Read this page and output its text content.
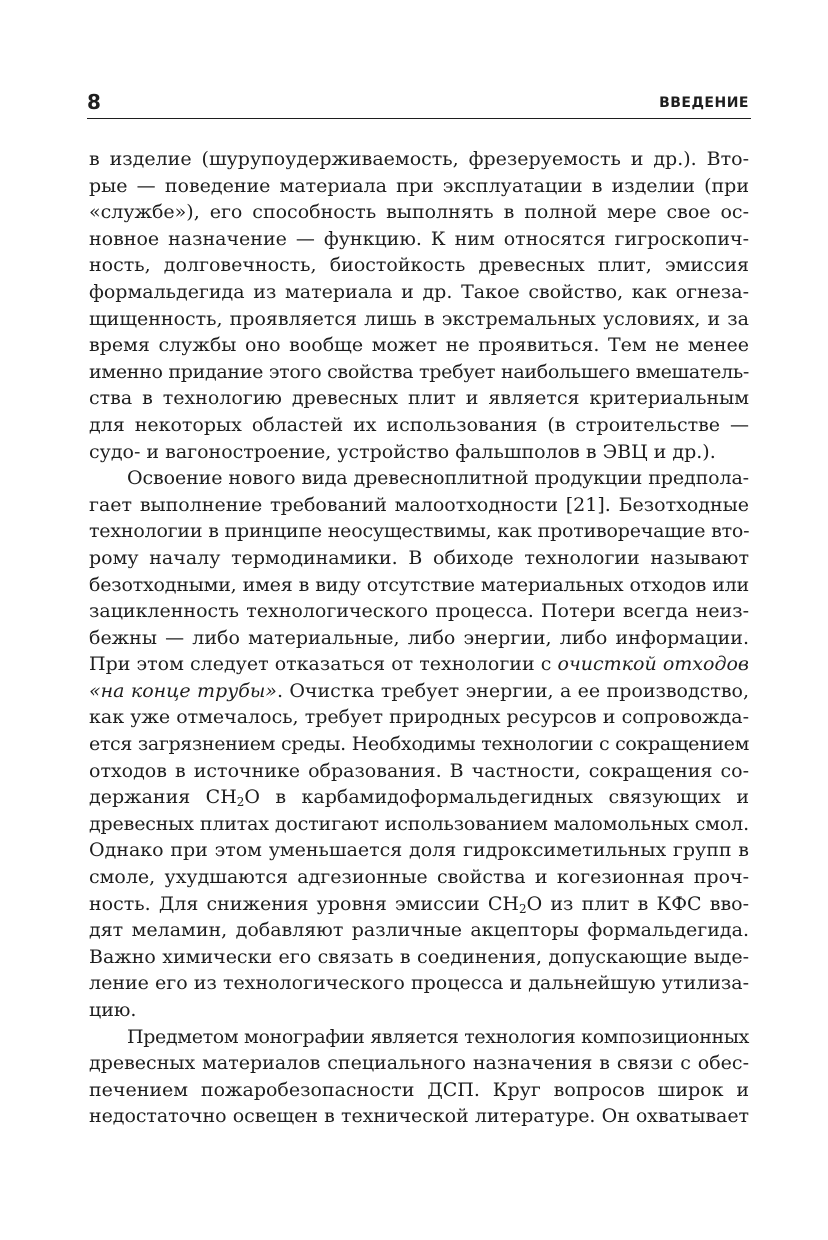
8	ВВЕДЕНИЕ

в изделие (шурупоудерживаемость, фрезеруемость и др.). Вто-
рые — поведение материала при эксплуатации в изделии (при
«службе»), его способность выполнять в полной мере свое ос-
новное назначение — функцию. К ним относятся гигроскопич-
ность, долговечность, биостойкость древесных плит, эмиссия
формальдегида из материала и др. Такое свойство, как огнеза-
щищенность, проявляется лишь в экстремальных условиях, и за
время службы оно вообще может не проявиться. Тем не менее
именно придание этого свойства требует наибольшего вмешатель-
ства в технологию древесных плит и является критериальным
для некоторых областей их использования (в строительстве —
судо- и вагоностроение, устройство фальшполов в ЭВЦ и др.).

Освоение нового вида древесноплитной продукции предпола-
гает выполнение требований малоотходности [21]. Безотходные
технологии в принципе неосуществимы, как противоречащие вто-
рому началу термодинамики. В обиходе технологии называют
безотходными, имея в виду отсутствие материальных отходов или
зацикленность технологического процесса. Потери всегда неиз-
бежны — либо материальные, либо энергии, либо информации.
При этом следует отказаться от технологии с очисткой отходов
«на конце трубы». Очистка требует энергии, а ее производство,
как уже отмечалось, требует природных ресурсов и сопровожда-
ется загрязнением среды. Необходимы технологии с сокращением
отходов в источнике образования. В частности, сокращения со-
держания $СН_2О$ в карбамидоформальдегидных связующих и
древесных плитах достигают использованием маломольных смол.
Однако при этом уменьшается доля гидроксиметильных групп в
смоле, ухудшаются адгезионные свойства и когезионная проч-
ность. Для снижения уровня эмиссии $СН_2О$ из плит в КФС вво-
дят меламин, добавляют различные акцепторы формальдегида.
Важно химически его связать в соединения, допускающие выде-
ление его из технологического процесса и дальнейшую утилиза-
цию.

Предметом монографии является технология композиционных
древесных материалов специального назначения в связи с обес-
печением пожаробезопасности ДСП. Круг вопросов широк и
недостаточно освещен в технической литературе. Он охватывает
